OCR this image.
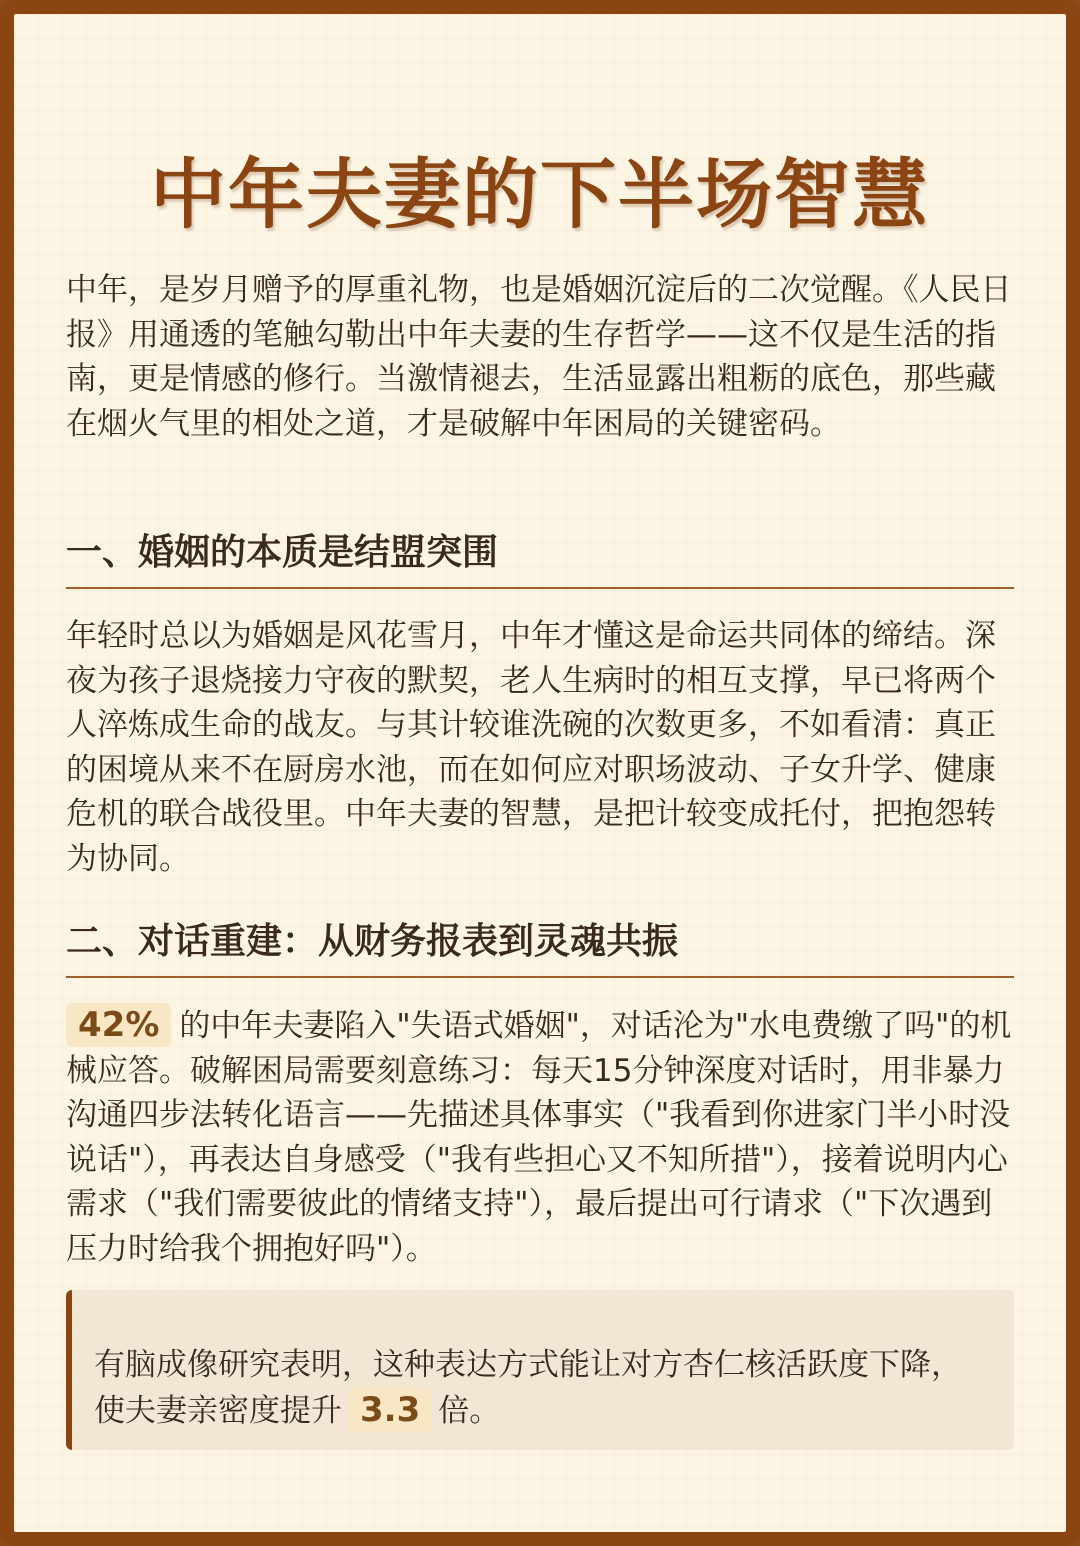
中年夫妻的下半场智慧

中年，是岁月赠予的厚重礼物，也是婚姻沉淀后的二次觉醒。《人民日报》用通透的笔触勾勒出中年夫妻的生存哲学——这不仅是生活的指南，更是情感的修行。当激情褪去，生活显露出粗粝的底色，那些藏在烟火气里的相处之道，才是破解中年困局的关键密码。

一、婚姻的本质是结盟突围

年轻时总以为婚姻是风花雪月，中年才懂这是命运共同体的缔结。深夜为孩子退烧接力守夜的默契，老人生病时的相互支撑，早已将两个人淬炼成生命的战友。与其计较谁洗碗的次数更多，不如看清：真正的困境从来不在厨房水池，而在如何应对职场波动、子女升学、健康危机的联合战役里。中年夫妻的智慧，是把计较变成托付，把抱怨转为协同。

二、对话重建：从财务报表到灵魂共振

42% 的中年夫妻陷入"失语式婚姻"，对话沦为"水电费缴了吗"的机械应答。破解困局需要刻意练习：每天15分钟深度对话时，用非暴力沟通四步法转化语言——先描述具体事实（"我看到你进家门半小时没说话"），再表达自身感受（"我有些担心又不知所措"），接着说明内心需求（"我们需要彼此的情绪支持"），最后提出可行请求（"下次遇到压力时给我个拥抱好吗"）。

有脑成像研究表明，这种表达方式能让对方杏仁核活跃度下降，使夫妻亲密度提升 3.3 倍。
